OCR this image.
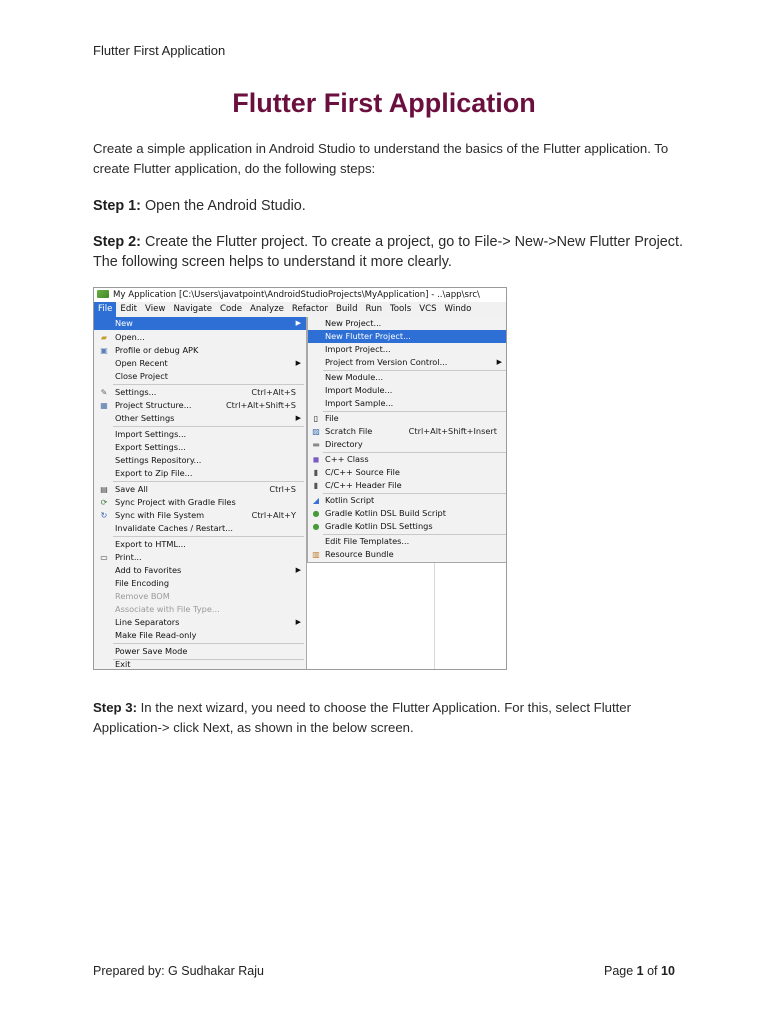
Flutter First Application
Flutter First Application

Create a simple application in Android Studio to understand the basics of the Flutter application. To create Flutter application, do the following steps:

Step 1: Open the Android Studio.

Step 2: Create the Flutter project. To create a project, go to File-> New->New Flutter Project. The following screen helps to understand it more clearly.

My Application [C:\Users\javatpoint\AndroidStudioProjects\MyApplication] - ..\app\src\
File Edit View Navigate Code Analyze Refactor Build Run Tools VCS Windo
New	▶
▰ Open...
▣ Profile or debug APK
Open Recent	▶
Close Project
✎ Settings...	Ctrl+Alt+S
▦ Project Structure...	Ctrl+Alt+Shift+S
Other Settings	▶
Import Settings...
Export Settings...
Settings Repository...
Export to Zip File...
▤ Save All	Ctrl+S
⟳ Sync Project with Gradle Files
↻ Sync with File System	Ctrl+Alt+Y
Invalidate Caches / Restart...
Export to HTML...
▭ Print...
Add to Favorites	▶
File Encoding
Remove BOM
Associate with File Type...
Line Separators	▶
Make File Read-only
Power Save Mode
Exit
New Project...
New Flutter Project...
Import Project...
Project from Version Control...	▶
New Module...
Import Module...
Import Sample...
▯ File
▨ Scratch File	Ctrl+Alt+Shift+Insert
▬ Directory
◼ C++ Class
▮ C/C++ Source File
▮ C/C++ Header File
◢ Kotlin Script
● Gradle Kotlin DSL Build Script
● Gradle Kotlin DSL Settings
Edit File Templates...
▥ Resource Bundle

Step 3: In the next wizard, you need to choose the Flutter Application. For this, select Flutter Application-> click Next, as shown in the below screen.

Prepared by: G Sudhakar Raju	Page 1 of 10
